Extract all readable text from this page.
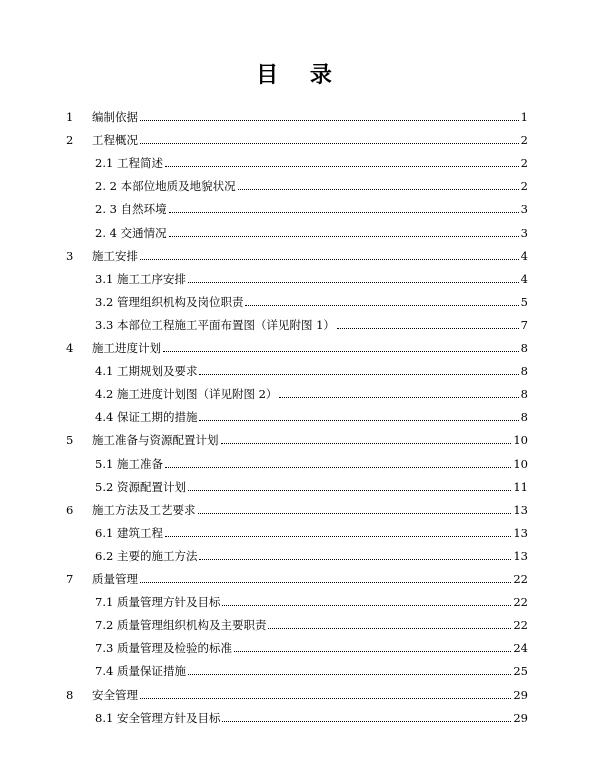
目 录
1	编制依据	1
2	工程概况	2
2.1 工程简述	2
2. 2 本部位地质及地貌状况	2
2. 3 自然环境	3
2. 4 交通情况	3
3	施工安排	4
3.1 施工工序安排	4
3.2 管理组织机构及岗位职责	5
3.3 本部位工程施工平面布置图（详见附图 1）	7
4	施工进度计划	8
4.1 工期规划及要求	8
4.2 施工进度计划图（详见附图 2）	8
4.4 保证工期的措施	8
5	施工准备与资源配置计划	10
5.1 施工准备	10
5.2 资源配置计划	11
6	施工方法及工艺要求	13
6.1 建筑工程	13
6.2 主要的施工方法	13
7	质量管理	22
7.1 质量管理方针及目标	22
7.2 质量管理组织机构及主要职责	22
7.3 质量管理及检验的标准	24
7.4 质量保证措施	25
8	安全管理	29
8.1 安全管理方针及目标	29
